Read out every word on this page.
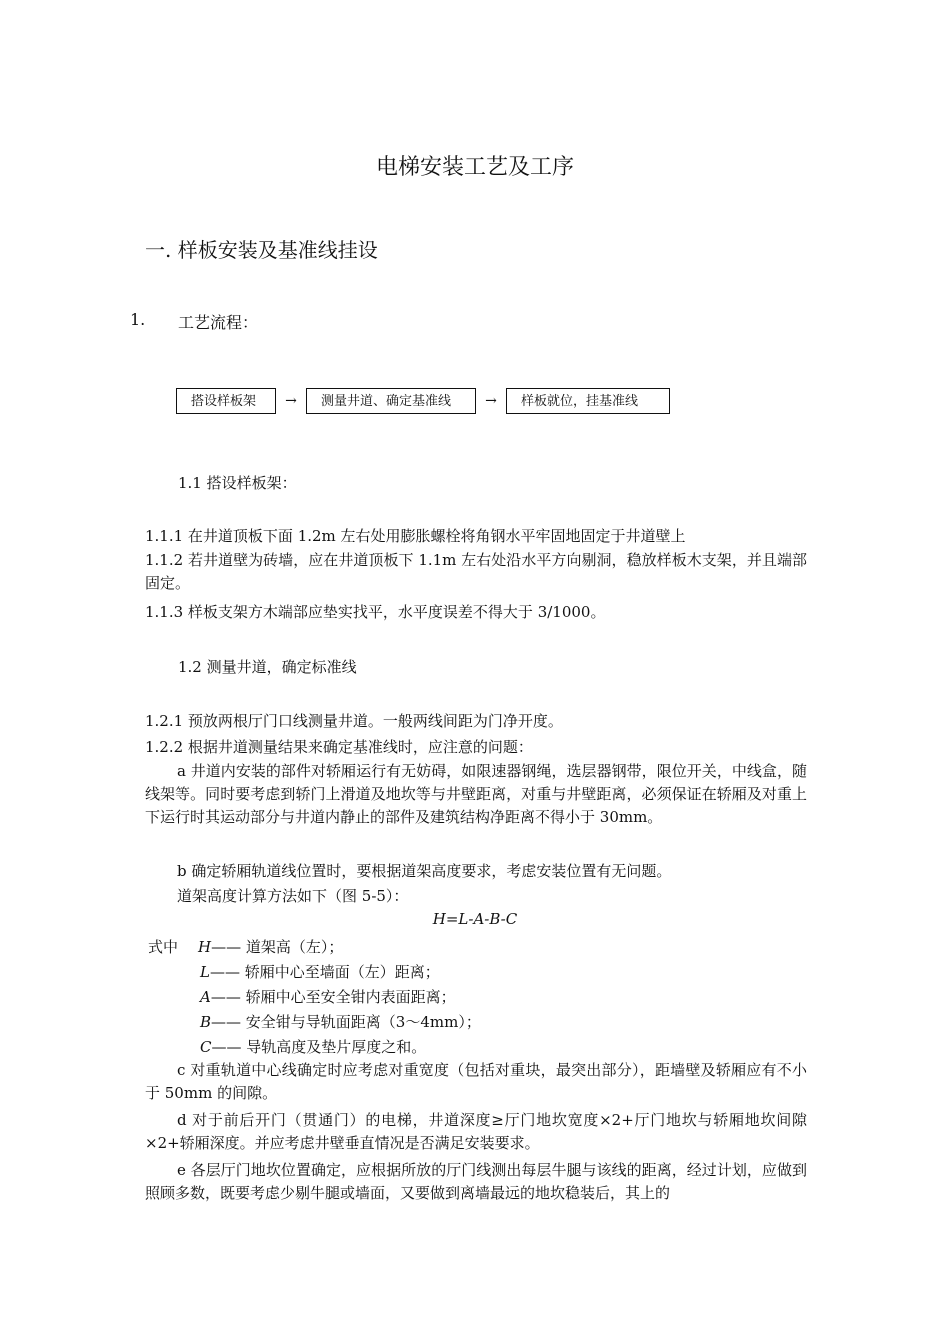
电梯安装工艺及工序
一. 样板安装及基准线挂设
1. 工艺流程：
搭设样板架	→	测量井道、确定基准线	→	样板就位，挂基准线
1.1 搭设样板架：
1.1.1 在井道顶板下面 1.2m 左右处用膨胀螺栓将角钢水平牢固地固定于井道壁上
1.1.2 若井道壁为砖墙，应在井道顶板下 1.1m 左右处沿水平方向剔洞，稳放样板木支架，并且端部固定。
1.1.3 样板支架方木端部应垫实找平，水平度误差不得大于 3/1000。
1.2 测量井道，确定标准线
1.2.1 预放两根厅门口线测量井道。一般两线间距为门净开度。
1.2.2 根据井道测量结果来确定基准线时，应注意的问题：
a 井道内安装的部件对轿厢运行有无妨碍，如限速器钢绳，选层器钢带，限位开关，中线盒，随线架等。同时要考虑到轿门上滑道及地坎等与井壁距离，对重与井壁距离，必须保证在轿厢及对重上下运行时其运动部分与井道内静止的部件及建筑结构净距离不得小于 30mm。
b 确定轿厢轨道线位置时，要根据道架高度要求，考虑安装位置有无问题。
道架高度计算方法如下（图 5-5）：
H=L-A-B-C
式中 H—— 道架高（左）；
L—— 轿厢中心至墙面（左）距离；
A—— 轿厢中心至安全钳内表面距离；
B—— 安全钳与导轨面距离（3～4mm）；
C—— 导轨高度及垫片厚度之和。
c 对重轨道中心线确定时应考虑对重宽度（包括对重块，最突出部分），距墙壁及轿厢应有不小于 50mm 的间隙。
d 对于前后开门（贯通门）的电梯，井道深度≥厅门地坎宽度×2+厅门地坎与轿厢地坎间隙×2+轿厢深度。并应考虑井壁垂直情况是否满足安装要求。
e 各层厅门地坎位置确定，应根据所放的厅门线测出每层牛腿与该线的距离，经过计划，应做到照顾多数，既要考虑少剔牛腿或墙面，又要做到离墙最远的地坎稳装后，其上的
